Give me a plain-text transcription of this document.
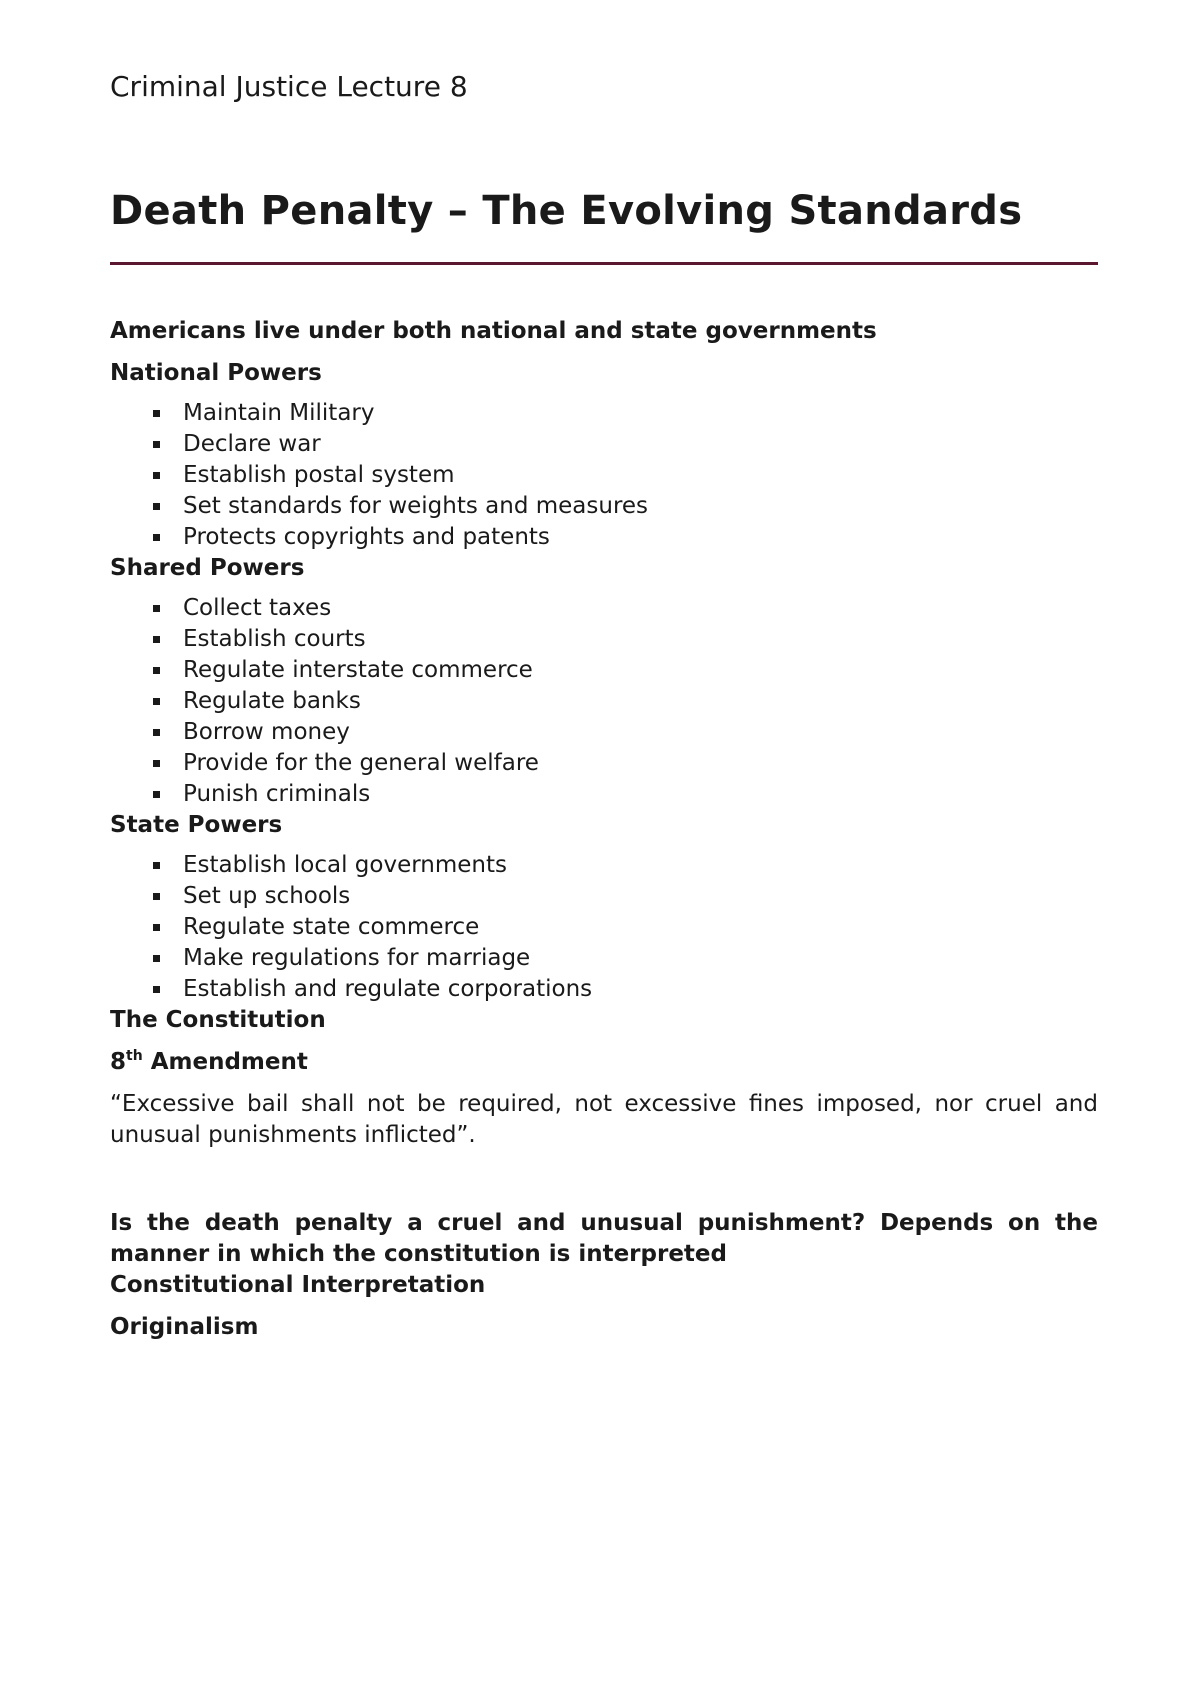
Criminal Justice Lecture 8

Death Penalty – The Evolving Standards

Americans live under both national and state governments

National Powers

Maintain Military
Declare war
Establish postal system
Set standards for weights and measures
Protects copyrights and patents

Shared Powers

Collect taxes
Establish courts
Regulate interstate commerce
Regulate banks
Borrow money
Provide for the general welfare
Punish criminals

State Powers

Establish local governments
Set up schools
Regulate state commerce
Make regulations for marriage
Establish and regulate corporations

The Constitution

8th Amendment

“Excessive bail shall not be required, not excessive fines imposed, nor cruel and unusual punishments inflicted”.

Is the death penalty a cruel and unusual punishment? Depends on the manner in which the constitution is interpreted

Constitutional Interpretation

Originalism
